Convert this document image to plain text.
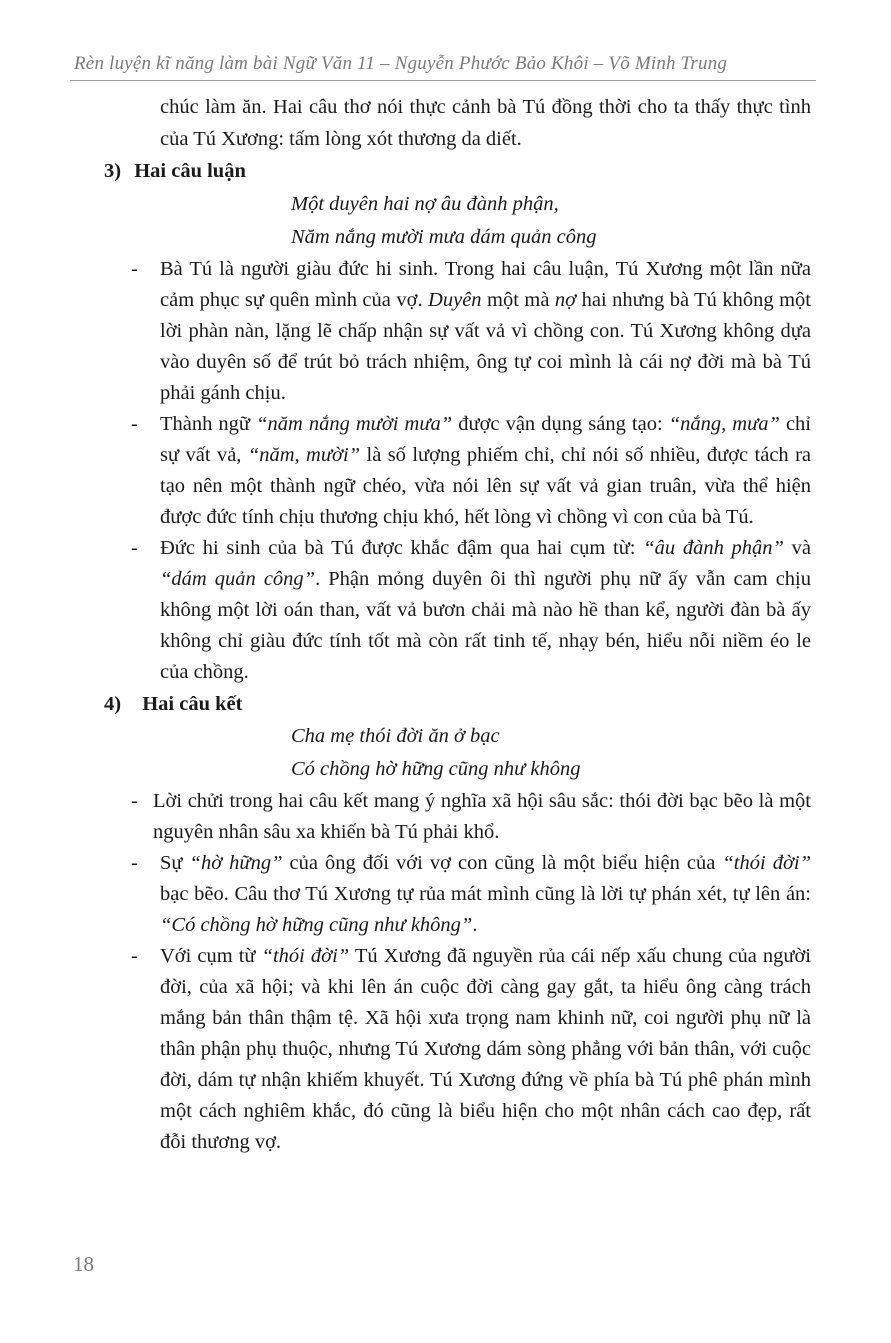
Rèn luyện kĩ năng làm bài Ngữ Văn 11 – Nguyễn Phước Bảo Khôi – Võ Minh Trung

chúc làm ăn. Hai câu thơ nói thực cảnh bà Tú đồng thời cho ta thấy thực tình của Tú Xương: tấm lòng xót thương da diết.

3) Hai câu luận
Một duyên hai nợ âu đành phận,
Năm nắng mười mưa dám quản công

- Bà Tú là người giàu đức hi sinh. Trong hai câu luận, Tú Xương một lần nữa cảm phục sự quên mình của vợ. Duyên một mà nợ hai nhưng bà Tú không một lời phàn nàn, lặng lẽ chấp nhận sự vất vả vì chồng con. Tú Xương không dựa vào duyên số để trút bỏ trách nhiệm, ông tự coi mình là cái nợ đời mà bà Tú phải gánh chịu.

- Thành ngữ “năm nắng mười mưa” được vận dụng sáng tạo: “nắng, mưa” chỉ sự vất vả, “năm, mười” là số lượng phiếm chỉ, chỉ nói số nhiều, được tách ra tạo nên một thành ngữ chéo, vừa nói lên sự vất vả gian truân, vừa thể hiện được đức tính chịu thương chịu khó, hết lòng vì chồng vì con của bà Tú.

- Đức hi sinh của bà Tú được khắc đậm qua hai cụm từ: “âu đành phận” và “dám quản công”. Phận mỏng duyên ôi thì người phụ nữ ấy vẫn cam chịu không một lời oán than, vất vả bươn chải mà nào hề than kể, người đàn bà ấy không chỉ giàu đức tính tốt mà còn rất tinh tế, nhạy bén, hiểu nỗi niềm éo le của chồng.

4) Hai câu kết
Cha mẹ thói đời ăn ở bạc
Có chồng hờ hững cũng như không

- Lời chửi trong hai câu kết mang ý nghĩa xã hội sâu sắc: thói đời bạc bẽo là một nguyên nhân sâu xa khiến bà Tú phải khổ.

- Sự “hờ hững” của ông đối với vợ con cũng là một biểu hiện của “thói đời” bạc bẽo. Câu thơ Tú Xương tự rủa mát mình cũng là lời tự phán xét, tự lên án: “Có chồng hờ hững cũng như không”.

- Với cụm từ “thói đời” Tú Xương đã nguyền rủa cái nếp xấu chung của người đời, của xã hội; và khi lên án cuộc đời càng gay gắt, ta hiểu ông càng trách mắng bản thân thậm tệ. Xã hội xưa trọng nam khinh nữ, coi người phụ nữ là thân phận phụ thuộc, nhưng Tú Xương dám sòng phẳng với bản thân, với cuộc đời, dám tự nhận khiếm khuyết. Tú Xương đứng về phía bà Tú phê phán mình một cách nghiêm khắc, đó cũng là biểu hiện cho một nhân cách cao đẹp, rất đỗi thương vợ.

18
